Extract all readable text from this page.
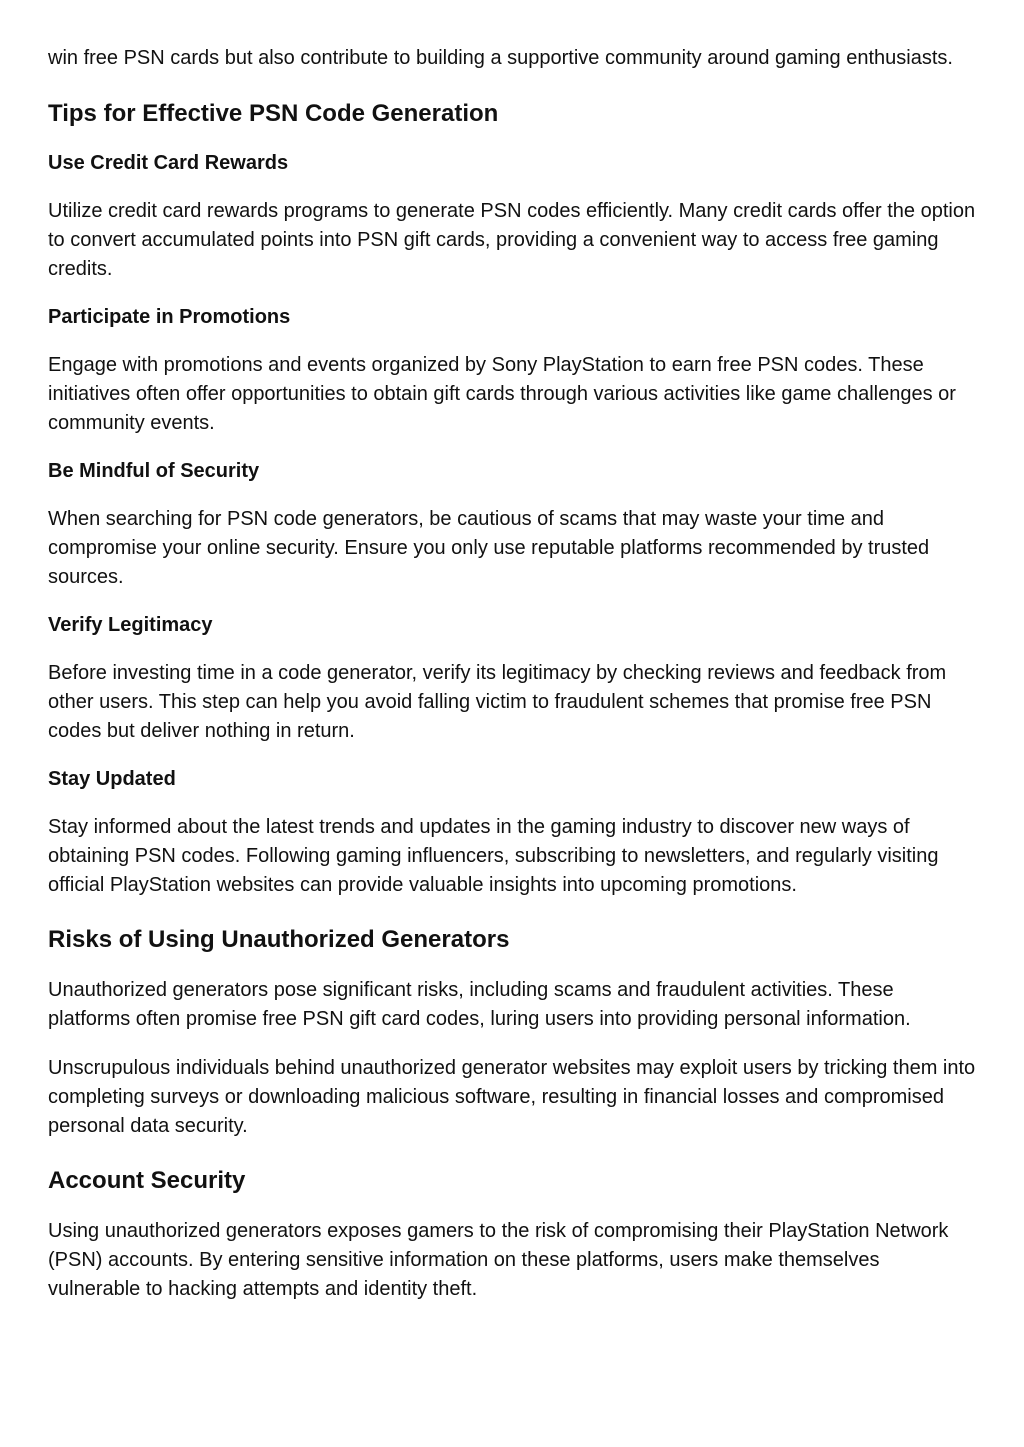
win free PSN cards but also contribute to building a supportive community around gaming enthusiasts.

Tips for Effective PSN Code Generation
Use Credit Card Rewards

Utilize credit card rewards programs to generate PSN codes efficiently. Many credit cards offer the option to convert accumulated points into PSN gift cards, providing a convenient way to access free gaming credits.

Participate in Promotions

Engage with promotions and events organized by Sony PlayStation to earn free PSN codes. These initiatives often offer opportunities to obtain gift cards through various activities like game challenges or community events.

Be Mindful of Security

When searching for PSN code generators, be cautious of scams that may waste your time and compromise your online security. Ensure you only use reputable platforms recommended by trusted sources.

Verify Legitimacy

Before investing time in a code generator, verify its legitimacy by checking reviews and feedback from other users. This step can help you avoid falling victim to fraudulent schemes that promise free PSN codes but deliver nothing in return.

Stay Updated

Stay informed about the latest trends and updates in the gaming industry to discover new ways of obtaining PSN codes. Following gaming influencers, subscribing to newsletters, and regularly visiting official PlayStation websites can provide valuable insights into upcoming promotions.

Risks of Using Unauthorized Generators

Unauthorized generators pose significant risks, including scams and fraudulent activities. These platforms often promise free PSN gift card codes, luring users into providing personal information.

Unscrupulous individuals behind unauthorized generator websites may exploit users by tricking them into completing surveys or downloading malicious software, resulting in financial losses and compromised personal data security.

Account Security

Using unauthorized generators exposes gamers to the risk of compromising their PlayStation Network (PSN) accounts. By entering sensitive information on these platforms, users make themselves vulnerable to hacking attempts and identity theft.
